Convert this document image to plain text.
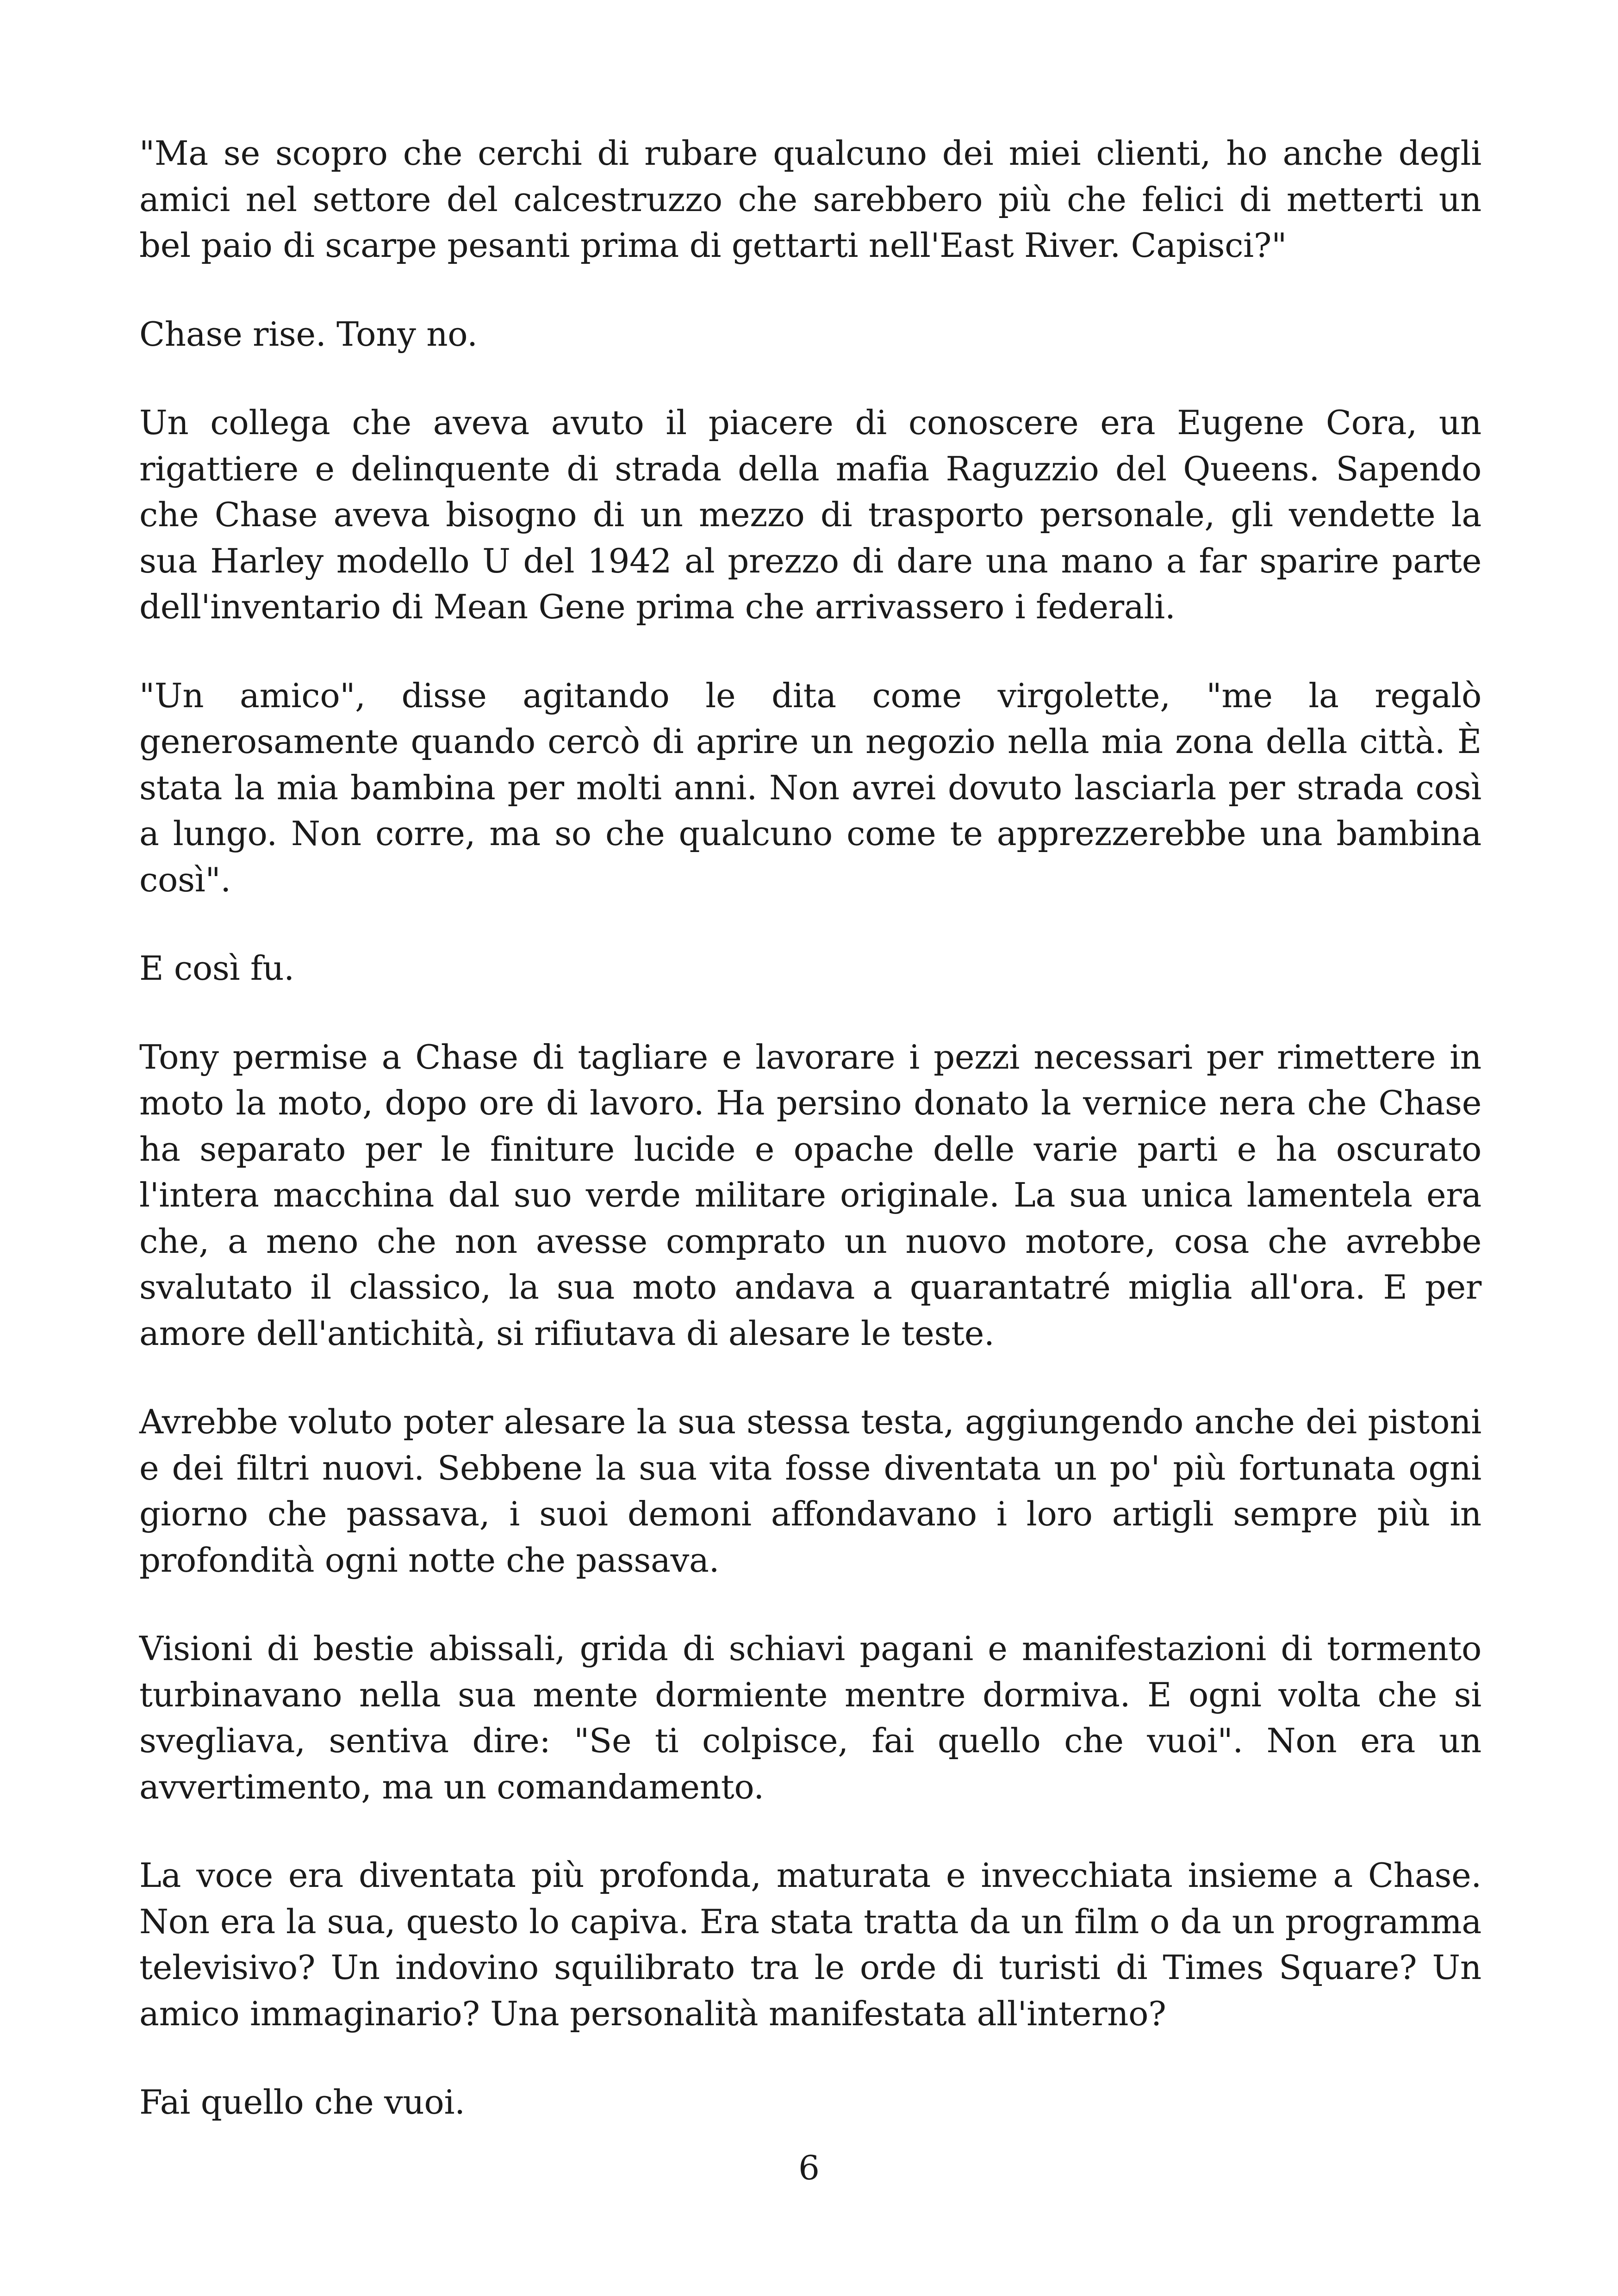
"Ma se scopro che cerchi di rubare qualcuno dei miei clienti, ho anche degli amici nel settore del calcestruzzo che sarebbero più che felici di metterti un bel paio di scarpe pesanti prima di gettarti nell'East River. Capisci?"

Chase rise. Tony no.

Un collega che aveva avuto il piacere di conoscere era Eugene Cora, un rigattiere e delinquente di strada della mafia Raguzzio del Queens. Sapendo che Chase aveva bisogno di un mezzo di trasporto personale, gli vendette la sua Harley modello U del 1942 al prezzo di dare una mano a far sparire parte dell'inventario di Mean Gene prima che arrivassero i federali.

"Un amico", disse agitando le dita come virgolette, "me la regalò generosamente quando cercò di aprire un negozio nella mia zona della città. È stata la mia bambina per molti anni. Non avrei dovuto lasciarla per strada così a lungo. Non corre, ma so che qualcuno come te apprezzerebbe una bambina così".

E così fu.

Tony permise a Chase di tagliare e lavorare i pezzi necessari per rimettere in moto la moto, dopo ore di lavoro. Ha persino donato la vernice nera che Chase ha separato per le finiture lucide e opache delle varie parti e ha oscurato l'intera macchina dal suo verde militare originale. La sua unica lamentela era che, a meno che non avesse comprato un nuovo motore, cosa che avrebbe svalutato il classico, la sua moto andava a quarantatré miglia all'ora. E per amore dell'antichità, si rifiutava di alesare le teste.

Avrebbe voluto poter alesare la sua stessa testa, aggiungendo anche dei pistoni e dei filtri nuovi. Sebbene la sua vita fosse diventata un po' più fortunata ogni giorno che passava, i suoi demoni affondavano i loro artigli sempre più in profondità ogni notte che passava.

Visioni di bestie abissali, grida di schiavi pagani e manifestazioni di tormento turbinavano nella sua mente dormiente mentre dormiva. E ogni volta che si svegliava, sentiva dire: "Se ti colpisce, fai quello che vuoi". Non era un avvertimento, ma un comandamento.

La voce era diventata più profonda, maturata e invecchiata insieme a Chase. Non era la sua, questo lo capiva. Era stata tratta da un film o da un programma televisivo? Un indovino squilibrato tra le orde di turisti di Times Square? Un amico immaginario? Una personalità manifestata all'interno?

Fai quello che vuoi.

6
